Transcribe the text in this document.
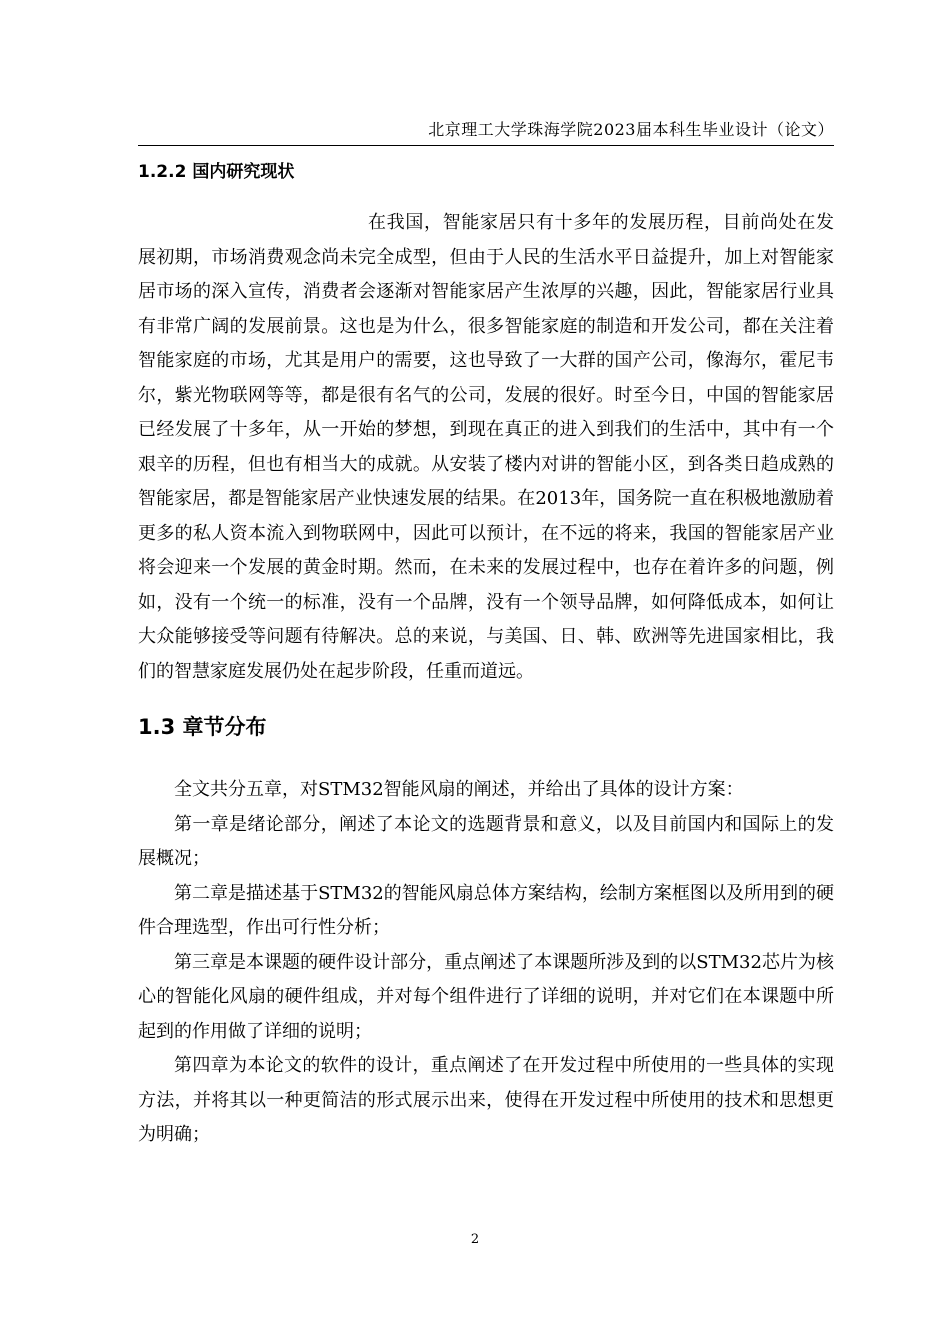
北京理工大学珠海学院2023届本科生毕业设计（论文）
1.2.2 国内研究现状

在我国，智能家居只有十多年的发展历程，目前尚处在发展初期，市场消费观念尚未完全成型，但由于人民的生活水平日益提升，加上对智能家居市场的深入宣传，消费者会逐渐对智能家居产生浓厚的兴趣，因此，智能家居行业具有非常广阔的发展前景。这也是为什么，很多智能家庭的制造和开发公司，都在关注着智能家庭的市场，尤其是用户的需要，这也导致了一大群的国产公司，像海尔，霍尼韦尔，紫光物联网等等，都是很有名气的公司，发展的很好。时至今日，中国的智能家居已经发展了十多年，从一开始的梦想，到现在真正的进入到我们的生活中，其中有一个艰辛的历程，但也有相当大的成就。从安装了楼内对讲的智能小区，到各类日趋成熟的智能家居，都是智能家居产业快速发展的结果。在2013年，国务院一直在积极地激励着更多的私人资本流入到物联网中，因此可以预计，在不远的将来，我国的智能家居产业将会迎来一个发展的黄金时期。然而，在未来的发展过程中，也存在着许多的问题，例如，没有一个统一的标准，没有一个品牌，没有一个领导品牌，如何降低成本，如何让大众能够接受等问题有待解决。总的来说，与美国、日、韩、欧洲等先进国家相比，我们的智慧家庭发展仍处在起步阶段，任重而道远。

1.3 章节分布

全文共分五章，对STM32智能风扇的阐述，并给出了具体的设计方案：

第一章是绪论部分，阐述了本论文的选题背景和意义，以及目前国内和国际上的发展概况；

第二章是描述基于STM32的智能风扇总体方案结构，绘制方案框图以及所用到的硬件合理选型，作出可行性分析；

第三章是本课题的硬件设计部分，重点阐述了本课题所涉及到的以STM32芯片为核心的智能化风扇的硬件组成，并对每个组件进行了详细的说明，并对它们在本课题中所起到的作用做了详细的说明；

第四章为本论文的软件的设计，重点阐述了在开发过程中所使用的一些具体的实现方法，并将其以一种更简洁的形式展示出来，使得在开发过程中所使用的技术和思想更为明确；

2
